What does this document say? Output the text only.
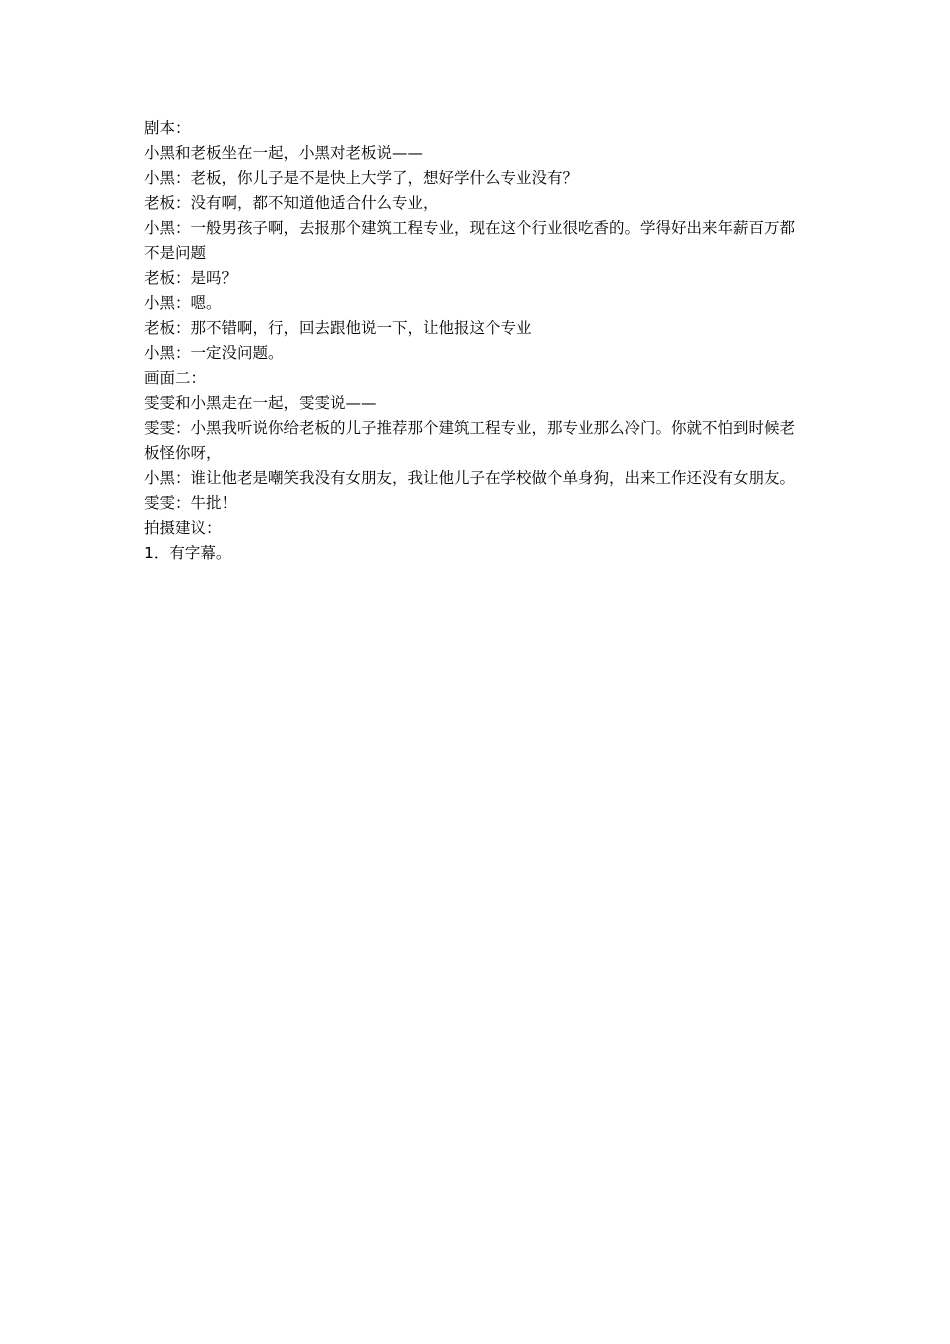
剧本：

小黑和老板坐在一起，小黑对老板说——

小黑：老板，你儿子是不是快上大学了，想好学什么专业没有？

老板：没有啊，都不知道他适合什么专业，

小黑：一般男孩子啊，去报那个建筑工程专业，现在这个行业很吃香的。学得好出来年薪百万都不是问题

老板：是吗？

小黑：嗯。

老板：那不错啊，行，回去跟他说一下，让他报这个专业

小黑：一定没问题。

画面二：

雯雯和小黑走在一起，雯雯说——

雯雯：小黑我听说你给老板的儿子推荐那个建筑工程专业，那专业那么冷门。你就不怕到时候老板怪你呀，

小黑：谁让他老是嘲笑我没有女朋友，我让他儿子在学校做个单身狗，出来工作还没有女朋友。

雯雯：牛批！

拍摄建议：

1．有字幕。
